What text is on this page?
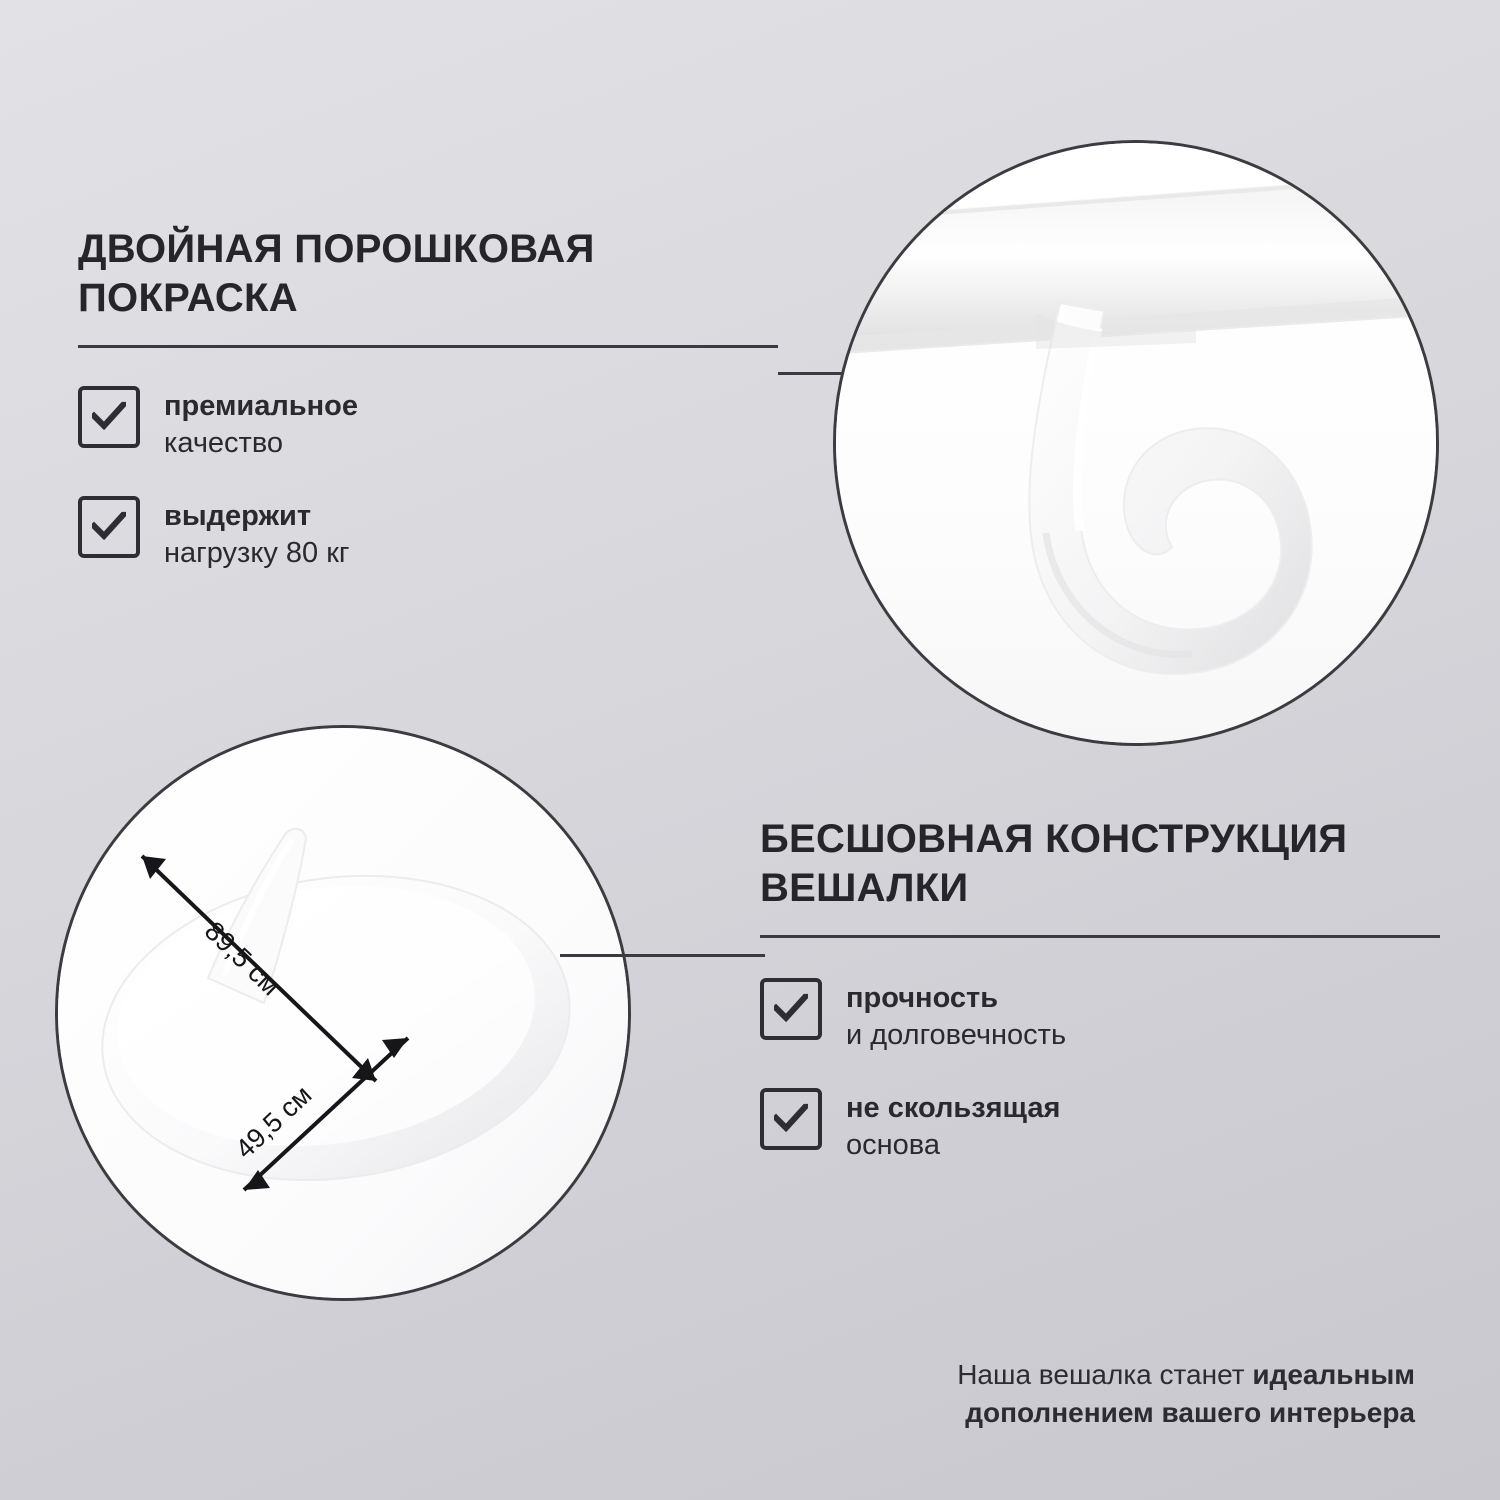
ДВОЙНАЯ ПОРОШКОВАЯ ПОКРАСКА
премиальное
качество
выдержит
нагрузку 80 кг
89,5 см
49,5 см
БЕСШОВНАЯ КОНСТРУКЦИЯ ВЕШАЛКИ
прочность
и долговечность
не скользящая
основа
Наша вешалка станет идеальным
дополнением вашего интерьера
